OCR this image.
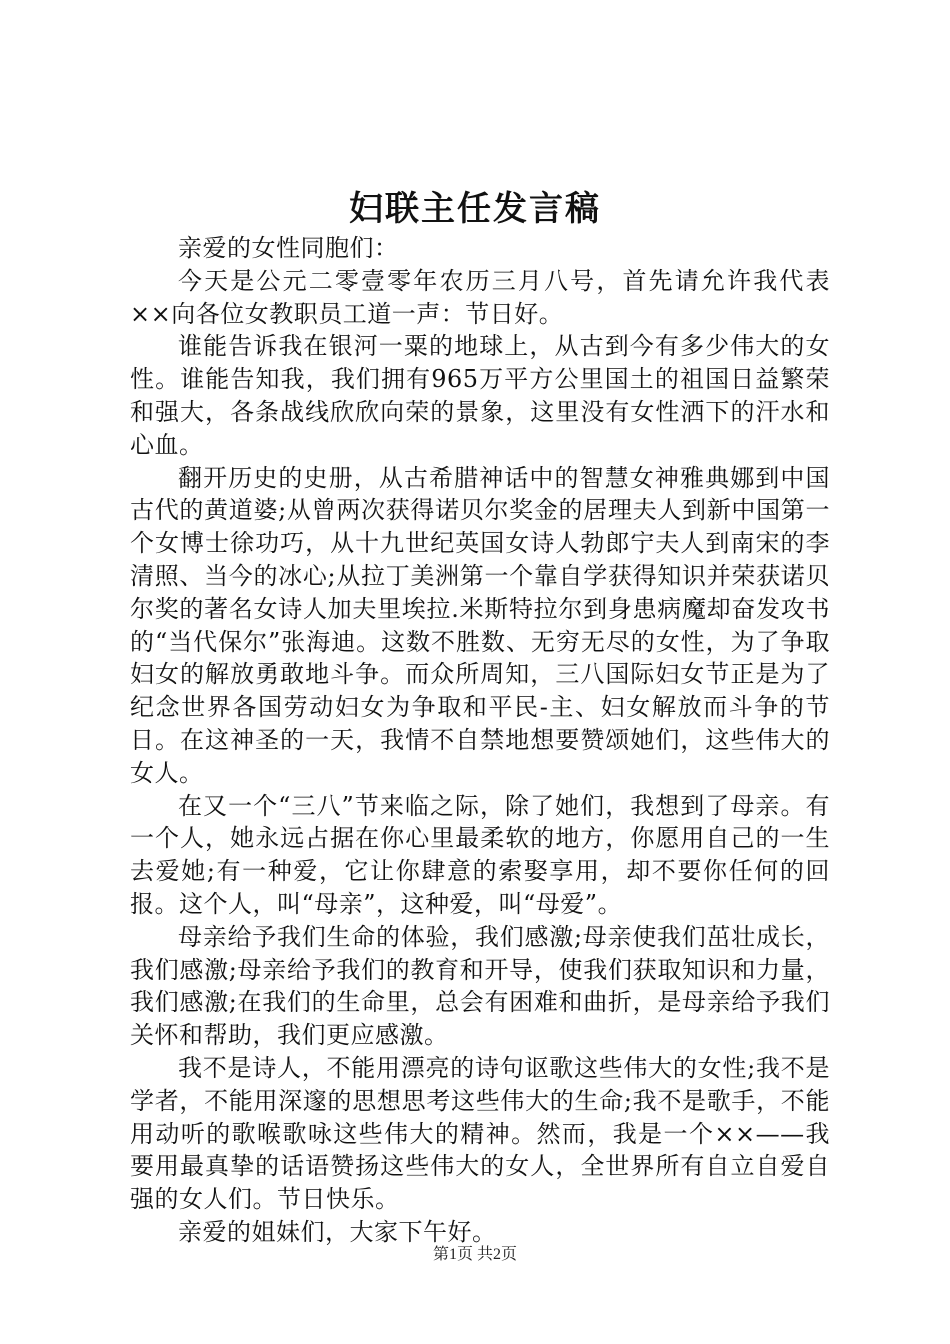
妇联主任发言稿

亲爱的女性同胞们：

今天是公元二零壹零年农历三月八号，首先请允许我代表××向各位女教职员工道一声：节日好。

谁能告诉我在银河一粟的地球上，从古到今有多少伟大的女性。谁能告知我，我们拥有965万平方公里国土的祖国日益繁荣和强大，各条战线欣欣向荣的景象，这里没有女性洒下的汗水和心血。

翻开历史的史册，从古希腊神话中的智慧女神雅典娜到中国古代的黄道婆;从曾两次获得诺贝尔奖金的居理夫人到新中国第一个女博士徐功巧，从十九世纪英国女诗人勃郎宁夫人到南宋的李清照、当今的冰心;从拉丁美洲第一个靠自学获得知识并荣获诺贝尔奖的著名女诗人加夫里埃拉.米斯特拉尔到身患病魔却奋发攻书的“当代保尔”张海迪。这数不胜数、无穷无尽的女性，为了争取妇女的解放勇敢地斗争。而众所周知，三八国际妇女节正是为了纪念世界各国劳动妇女为争取和平民-主、妇女解放而斗争的节日。在这神圣的一天，我情不自禁地想要赞颂她们，这些伟大的女人。

在又一个“三八”节来临之际，除了她们，我想到了母亲。有一个人，她永远占据在你心里最柔软的地方，你愿用自己的一生去爱她;有一种爱，它让你肆意的索娶享用，却不要你任何的回报。这个人，叫“母亲”，这种爱，叫“母爱”。

母亲给予我们生命的体验，我们感激;母亲使我们茁壮成长，我们感激;母亲给予我们的教育和开导，使我们获取知识和力量，我们感激;在我们的生命里，总会有困难和曲折，是母亲给予我们关怀和帮助，我们更应感激。

我不是诗人，不能用漂亮的诗句讴歌这些伟大的女性;我不是学者，不能用深邃的思想思考这些伟大的生命;我不是歌手，不能用动听的歌喉歌咏这些伟大的精神。然而，我是一个××——我要用最真挚的话语赞扬这些伟大的女人，全世界所有自立自爱自强的女人们。节日快乐。

亲爱的姐妹们，大家下午好。

第1页 共2页
